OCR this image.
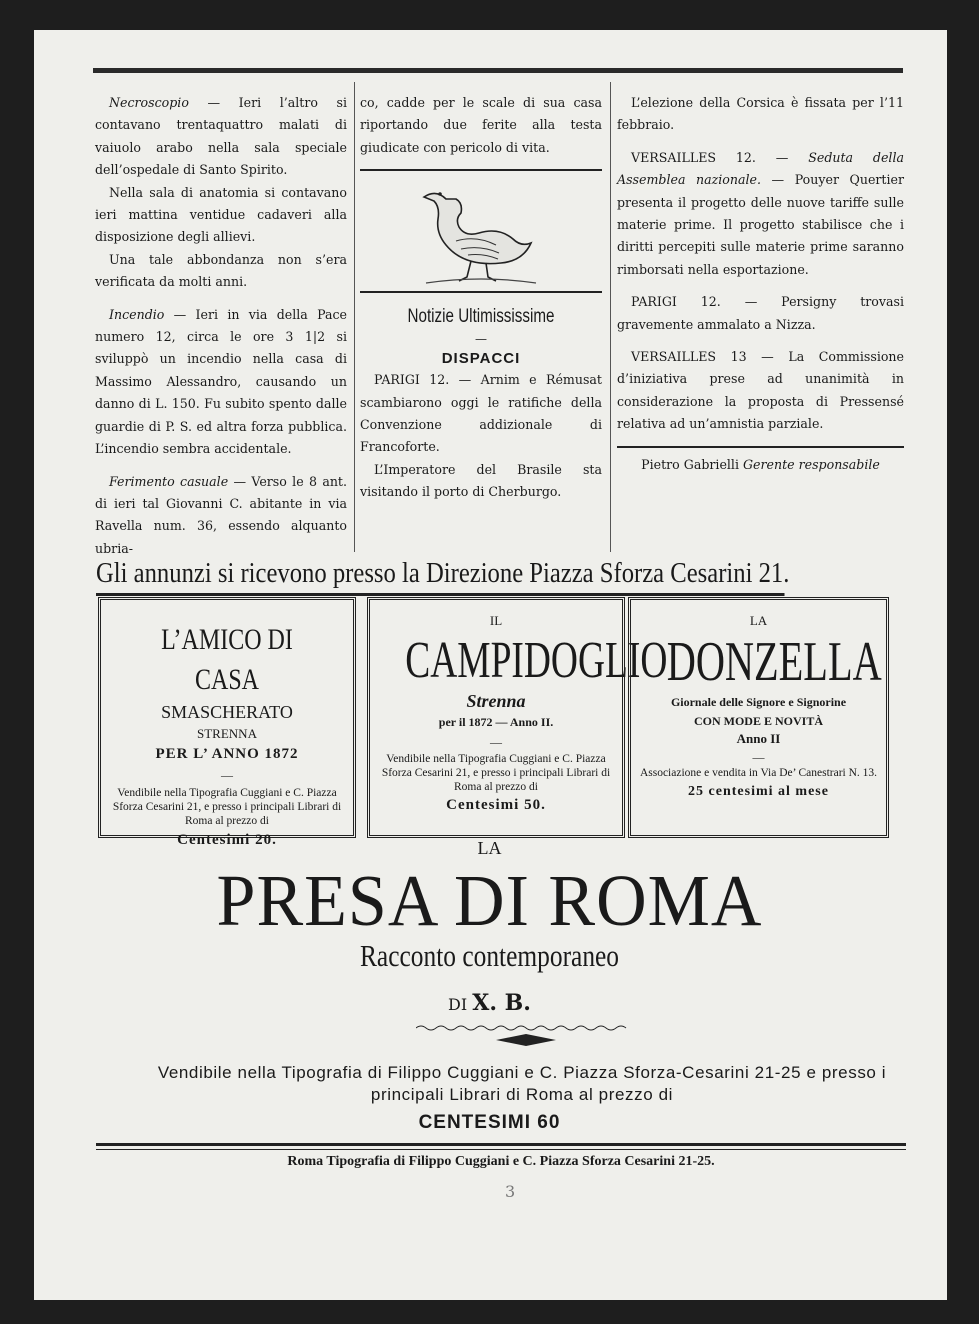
Necroscopio — Ieri l’altro si contavano trentaquattro malati di vaiuolo arabo nella sala speciale dell’ospedale di Santo Spirito.

Nella sala di anatomia si contavano ieri mattina ventidue cadaveri alla disposizione degli allievi.

Una tale abbondanza non s’era verificata da molti anni.

Incendio — Ieri in via della Pace numero 12, circa le ore 3 1|2 si sviluppò un incendio nella casa di Massimo Alessandro, causando un danno di L. 150. Fu subito spento dalle guardie di P. S. ed altra forza pubblica. L’incendio sembra accidentale.

Ferimento casuale — Verso le 8 ant. di ieri tal Giovanni C. abitante in via Ravella num. 36, essendo alquanto ubria-

co, cadde per le scale di sua casa riportando due ferite alla testa giudicate con pericolo di vita.

Notizie Ultimississime
—
DISPACCI

PARIGI 12. — Arnim e Rémusat scambiarono oggi le ratifiche della Convenzione addizionale di Francoforte.

L’Imperatore del Brasile sta visitando il porto di Cherburgo.

L’elezione della Corsica è fissata per l’11 febbraio.

VERSAILLES 12. — Seduta della Assemblea nazionale. — Pouyer Quertier presenta il progetto delle nuove tariffe sulle materie prime. Il progetto stabilisce che i diritti percepiti sulle materie prime saranno rimborsati nella esportazione.

PARIGI 12. — Persigny trovasi gravemente ammalato a Nizza.

VERSAILLES 13 — La Commissione d’iniziativa prese ad unanimità in considerazione la proposta di Pressensé relativa ad un’amnistia parziale.

Pietro Gabrielli Gerente responsabile

Gli annunzi si ricevono presso la Direzione Piazza Sforza Cesarini 21.
L’AMICO DI CASA
SMASCHERATO
STRENNA
PER L’ ANNO 1872
—
Vendibile nella Tipografia Cuggiani e C. Piazza Sforza Cesarini 21, e presso i principali Librari di Roma al prezzo di
Centesimi 20.
IL
CAMPIDOGLIO
Strenna
per il 1872 — Anno II.
—
Vendibile nella Tipografia Cuggiani e C. Piazza Sforza Cesarini 21, e presso i principali Librari di Roma al prezzo di
Centesimi 50.
LA
DONZELLA
Giornale delle Signore e Signorine
CON MODE E NOVITÀ
Anno II
—
Associazione e vendita in Via De’ Canestrari N. 13.
25 centesimi al mese
LA
PRESA DI ROMA
Racconto contemporaneo
DI X. B.
Vendibile nella Tipografia di Filippo Cuggiani e C. Piazza Sforza-Cesarini 21-25 e presso i principali Librari di Roma al prezzo di
CENTESIMI 60
Roma Tipografia di Filippo Cuggiani e C. Piazza Sforza Cesarini 21-25.
3
